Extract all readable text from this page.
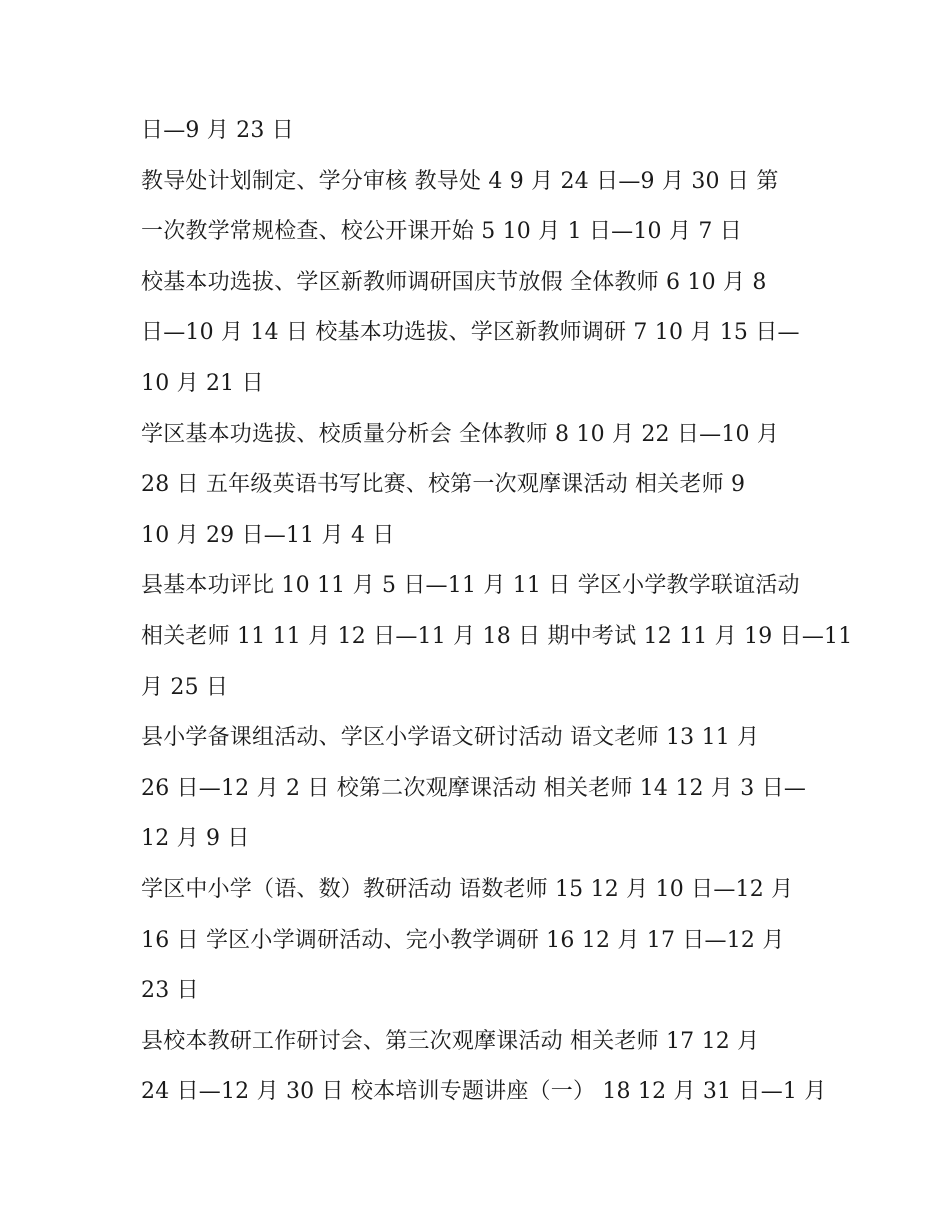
日—9 月 23 日
教导处计划制定、学分审核 教导处 4 9 月 24 日—9 月 30 日 第
一次教学常规检查、校公开课开始 5 10 月 1 日—10 月 7 日
校基本功选拔、学区新教师调研国庆节放假 全体教师 6 10 月 8
日—10 月 14 日 校基本功选拔、学区新教师调研 7 10 月 15 日—
10 月 21 日
学区基本功选拔、校质量分析会 全体教师 8 10 月 22 日—10 月
28 日 五年级英语书写比赛、校第一次观摩课活动 相关老师 9
10 月 29 日—11 月 4 日
县基本功评比 10 11 月 5 日—11 月 11 日 学区小学教学联谊活动
相关老师 11 11 月 12 日—11 月 18 日 期中考试 12 11 月 19 日—11
月 25 日
县小学备课组活动、学区小学语文研讨活动 语文老师 13 11 月
26 日—12 月 2 日 校第二次观摩课活动 相关老师 14 12 月 3 日—
12 月 9 日
学区中小学（语、数）教研活动 语数老师 15 12 月 10 日—12 月
16 日 学区小学调研活动、完小教学调研 16 12 月 17 日—12 月
23 日
县校本教研工作研讨会、第三次观摩课活动 相关老师 17 12 月
24 日—12 月 30 日 校本培训专题讲座（一） 18 12 月 31 日—1 月
